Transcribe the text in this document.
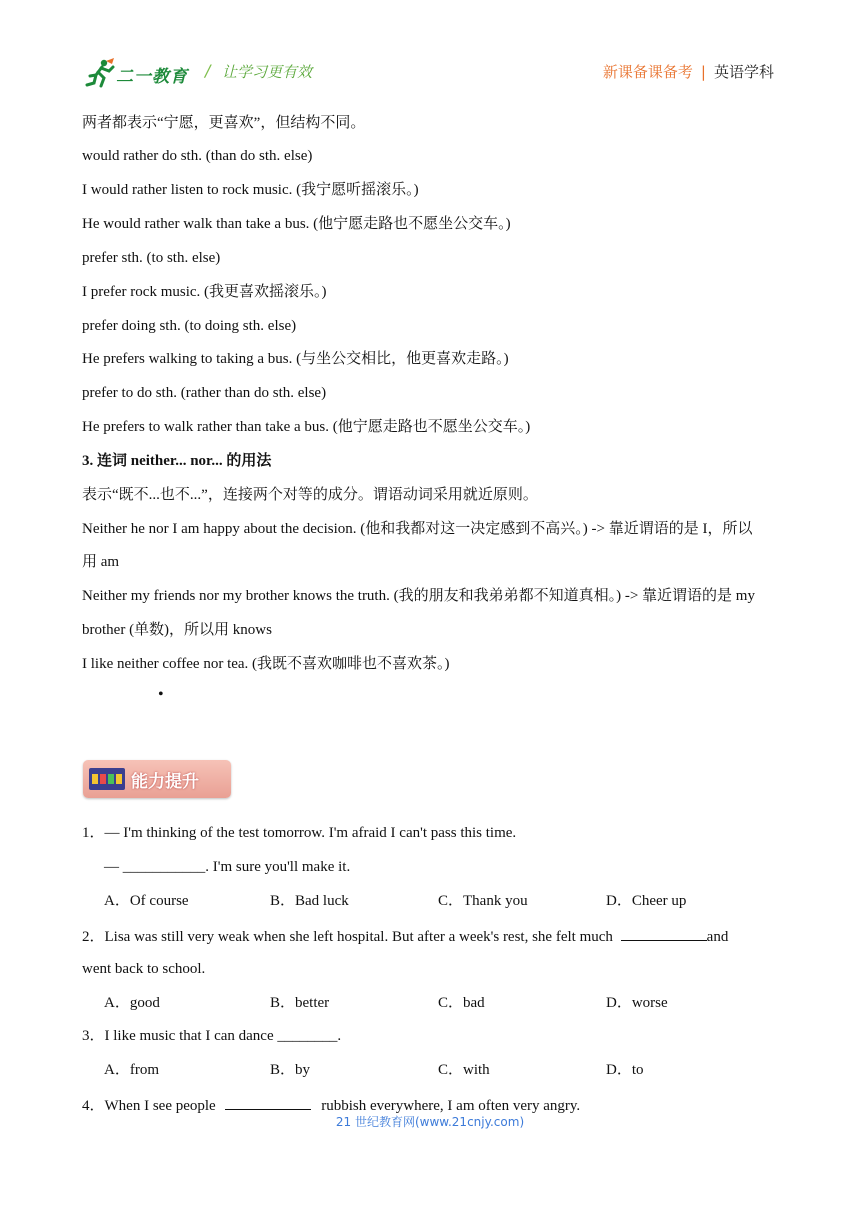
二一教育 / 让学习更有效	新课备课备考 | 英语学科
两者都表示“宁愿，更喜欢”，但结构不同。
would rather do sth. (than do sth. else)
I would rather listen to rock music. (我宁愿听摇滚乐。)
He would rather walk than take a bus. (他宁愿走路也不愿坐公交车。)
prefer sth. (to sth. else)
I prefer rock music. (我更喜欢摇滚乐。)
prefer doing sth. (to doing sth. else)
He prefers walking to taking a bus. (与坐公交相比，他更喜欢走路。)
prefer to do sth. (rather than do sth. else)
He prefers to walk rather than take a bus. (他宁愿走路也不愿坐公交车。)
3. 连词 neither... nor... 的用法
表示“既不...也不...”，连接两个对等的成分。谓语动词采用就近原则。
Neither he nor I am happy about the decision. (他和我都对这一决定感到不高兴。) -> 靠近谓语的是 I，所以
用 am
Neither my friends nor my brother knows the truth. (我的朋友和我弟弟都不知道真相。) -> 靠近谓语的是 my
brother (单数)，所以用 knows
I like neither coffee nor tea. (我既不喜欢咖啡也不喜欢茶。)
•
能力提升
1．— I'm thinking of the test tomorrow. I'm afraid I can't pass this time.
— ___________. I'm sure you'll make it.
A．Of course	B．Bad luck	C．Thank you	D．Cheer up
2．Lisa was still very weak when she left hospital. But after a week's rest, she felt much	and
went back to school.
A．good	B．better	C．bad	D．worse
3．I like music that I can dance ________.
A．from	B．by	C．with	D．to
4．When I see people	rubbish everywhere, I am often very angry.
21 世纪教育网(www.21cnjy.com)
